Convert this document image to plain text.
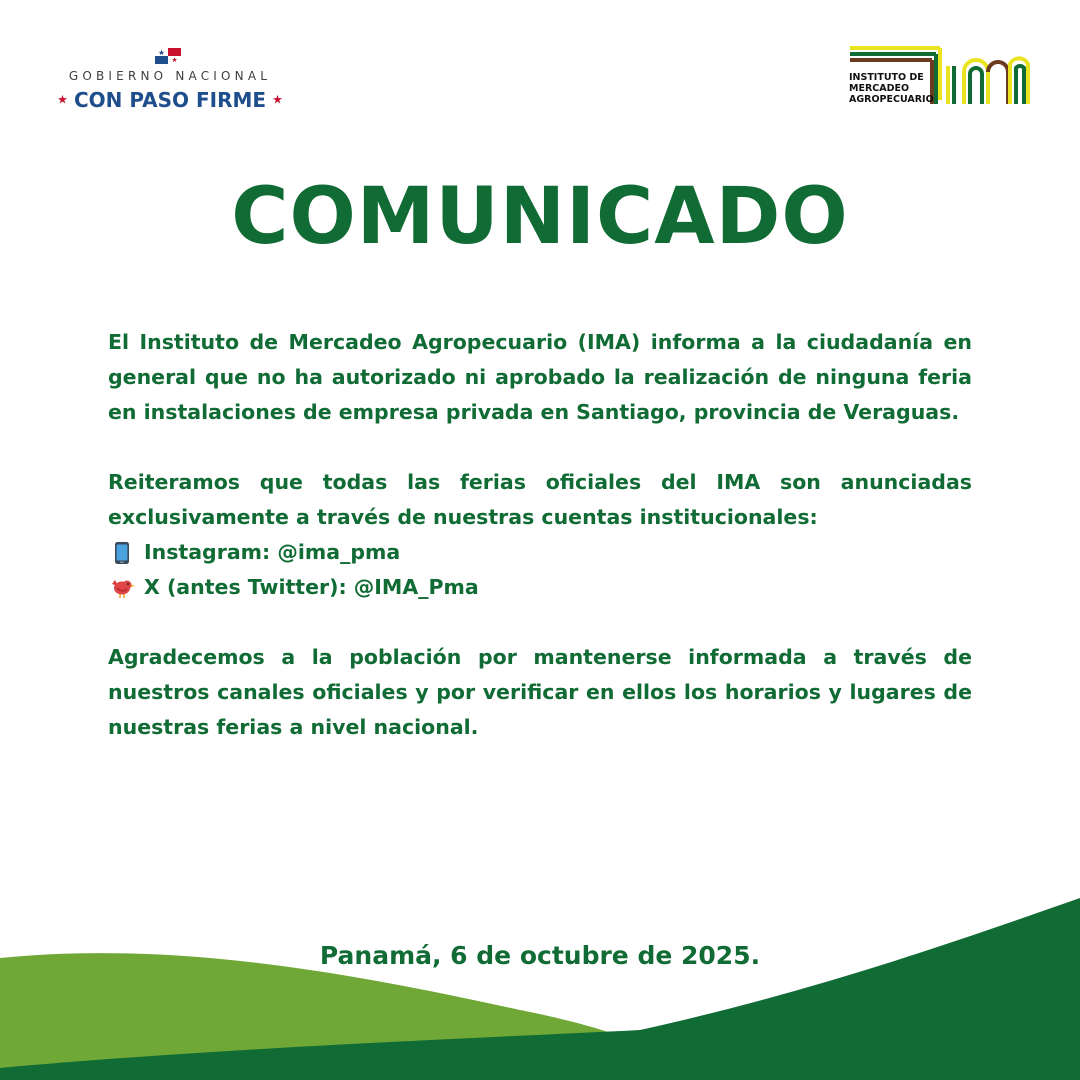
GOBIERNO NACIONAL
★ CON PASO FIRME ★
INSTITUTO DE
MERCADEO
AGROPECUARIO
COMUNICADO

El Instituto de Mercadeo Agropecuario (IMA) informa a la ciudadanía en general que no ha autorizado ni aprobado la realización de ninguna feria en instalaciones de empresa privada en Santiago, provincia de Veraguas.

Reiteramos que todas las ferias oficiales del IMA son anunciadas exclusivamente a través de nuestras cuentas institucionales:

Instagram: @ima_pma
X (antes Twitter): @IMA_Pma

Agradecemos a la población por mantenerse informada a través de nuestros canales oficiales y por verificar en ellos los horarios y lugares de nuestras ferias a nivel nacional.

Panamá, 6 de octubre de 2025.
